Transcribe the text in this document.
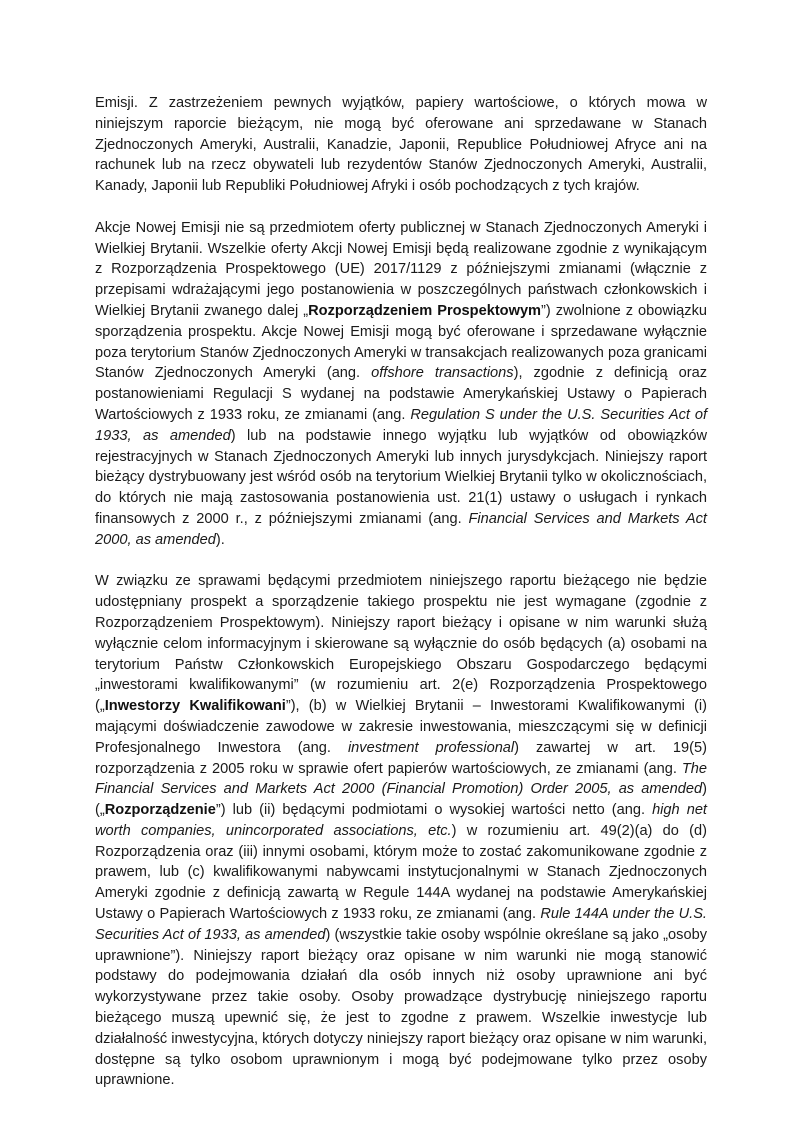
Emisji. Z zastrzeżeniem pewnych wyjątków, papiery wartościowe, o których mowa w niniejszym raporcie bieżącym, nie mogą być oferowane ani sprzedawane w Stanach Zjednoczonych Ameryki, Australii, Kanadzie, Japonii, Republice Południowej Afryce ani na rachunek lub na rzecz obywateli lub rezydentów Stanów Zjednoczonych Ameryki, Australii, Kanady, Japonii lub Republiki Południowej Afryki i osób pochodzących z tych krajów.

Akcje Nowej Emisji nie są przedmiotem oferty publicznej w Stanach Zjednoczonych Ameryki i Wielkiej Brytanii. Wszelkie oferty Akcji Nowej Emisji będą realizowane zgodnie z wynikającym z Rozporządzenia Prospektowego (UE) 2017/1129 z późniejszymi zmianami (włącznie z przepisami wdrażającymi jego postanowienia w poszczególnych państwach członkowskich i Wielkiej Brytanii zwanego dalej „Rozporządzeniem Prospektowym”) zwolnione z obowiązku sporządzenia prospektu. Akcje Nowej Emisji mogą być oferowane i sprzedawane wyłącznie poza terytorium Stanów Zjednoczonych Ameryki w transakcjach realizowanych poza granicami Stanów Zjednoczonych Ameryki (ang. offshore transactions), zgodnie z definicją oraz postanowieniami Regulacji S wydanej na podstawie Amerykańskiej Ustawy o Papierach Wartościowych z 1933 roku, ze zmianami (ang. Regulation S under the U.S. Securities Act of 1933, as amended) lub na podstawie innego wyjątku lub wyjątków od obowiązków rejestracyjnych w Stanach Zjednoczonych Ameryki lub innych jurysdykcjach. Niniejszy raport bieżący dystrybuowany jest wśród osób na terytorium Wielkiej Brytanii tylko w okolicznościach, do których nie mają zastosowania postanowienia ust. 21(1) ustawy o usługach i rynkach finansowych z 2000 r., z późniejszymi zmianami (ang. Financial Services and Markets Act 2000, as amended).

W związku ze sprawami będącymi przedmiotem niniejszego raportu bieżącego nie będzie udostępniany prospekt a sporządzenie takiego prospektu nie jest wymagane (zgodnie z Rozporządzeniem Prospektowym). Niniejszy raport bieżący i opisane w nim warunki służą wyłącznie celom informacyjnym i skierowane są wyłącznie do osób będących (a) osobami na terytorium Państw Członkowskich Europejskiego Obszaru Gospodarczego będącymi „inwestorami kwalifikowanymi” (w rozumieniu art. 2(e) Rozporządzenia Prospektowego („Inwestorzy Kwalifikowani”), (b) w Wielkiej Brytanii – Inwestorami Kwalifikowanymi (i) mającymi doświadczenie zawodowe w zakresie inwestowania, mieszczącymi się w definicji Profesjonalnego Inwestora (ang. investment professional) zawartej w art. 19(5) rozporządzenia z 2005 roku w sprawie ofert papierów wartościowych, ze zmianami (ang. The Financial Services and Markets Act 2000 (Financial Promotion) Order 2005, as amended) („Rozporządzenie”) lub (ii) będącymi podmiotami o wysokiej wartości netto (ang. high net worth companies, unincorporated associations, etc.) w rozumieniu art. 49(2)(a) do (d) Rozporządzenia oraz (iii) innymi osobami, którym może to zostać zakomunikowane zgodnie z prawem, lub (c) kwalifikowanymi nabywcami instytucjonalnymi w Stanach Zjednoczonych Ameryki zgodnie z definicją zawartą w Regule 144A wydanej na podstawie Amerykańskiej Ustawy o Papierach Wartościowych z 1933 roku, ze zmianami (ang. Rule 144A under the U.S. Securities Act of 1933, as amended) (wszystkie takie osoby wspólnie określane są jako „osoby uprawnione”). Niniejszy raport bieżący oraz opisane w nim warunki nie mogą stanowić podstawy do podejmowania działań dla osób innych niż osoby uprawnione ani być wykorzystywane przez takie osoby. Osoby prowadzące dystrybucję niniejszego raportu bieżącego muszą upewnić się, że jest to zgodne z prawem. Wszelkie inwestycje lub działalność inwestycyjna, których dotyczy niniejszy raport bieżący oraz opisane w nim warunki, dostępne są tylko osobom uprawnionym i mogą być podejmowane tylko przez osoby uprawnione.
